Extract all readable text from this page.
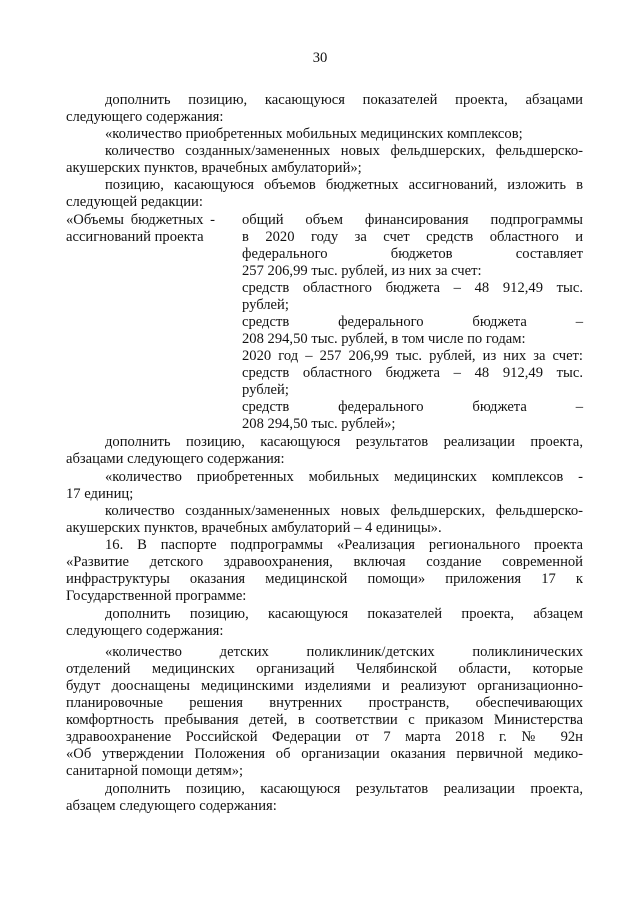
30
дополнить позицию, касающуюся показателей проекта, абзацами
следующего содержания:
«количество приобретенных мобильных медицинских комплексов;
количество созданных/замененных новых фельдшерских, фельдшерско-
акушерских пунктов, врачебных амбулаторий»;
позицию, касающуюся объемов бюджетных ассигнований, изложить в
следующей редакции:
«Объемы бюджетных -
ассигнований проекта
общий объем финансирования подпрограммы
в 2020 году за счет средств областного и
федерального бюджетов составляет
257 206,99 тыс. рублей, из них за счет:
средств областного бюджета – 48 912,49 тыс.
рублей;
средств федерального бюджета –
208 294,50 тыс. рублей, в том числе по годам:
2020 год – 257 206,99 тыс. рублей, из них за счет:
средств областного бюджета – 48 912,49 тыс.
рублей;
средств федерального бюджета –
208 294,50 тыс. рублей»;
дополнить позицию, касающуюся результатов реализации проекта,
абзацами следующего содержания:
«количество приобретенных мобильных медицинских комплексов -
17 единиц;
количество созданных/замененных новых фельдшерских, фельдшерско-
акушерских пунктов, врачебных амбулаторий – 4 единицы».
16. В паспорте подпрограммы «Реализация регионального проекта
«Развитие детского здравоохранения, включая создание современной
инфраструктуры оказания медицинской помощи» приложения 17 к
Государственной программе:
дополнить позицию, касающуюся показателей проекта, абзацем
следующего содержания:
«количество детских поликлиник/детских поликлинических
отделений медицинских организаций Челябинской области, которые
будут дооснащены медицинскими изделиями и реализуют организационно-
планировочные решения внутренних пространств, обеспечивающих
комфортность пребывания детей, в соответствии с приказом Министерства
здравоохранение Российской Федерации от 7 марта 2018 г. № 92н
«Об утверждении Положения об организации оказания первичной медико-
санитарной помощи детям»;
дополнить позицию, касающуюся результатов реализации проекта,
абзацем следующего содержания:
